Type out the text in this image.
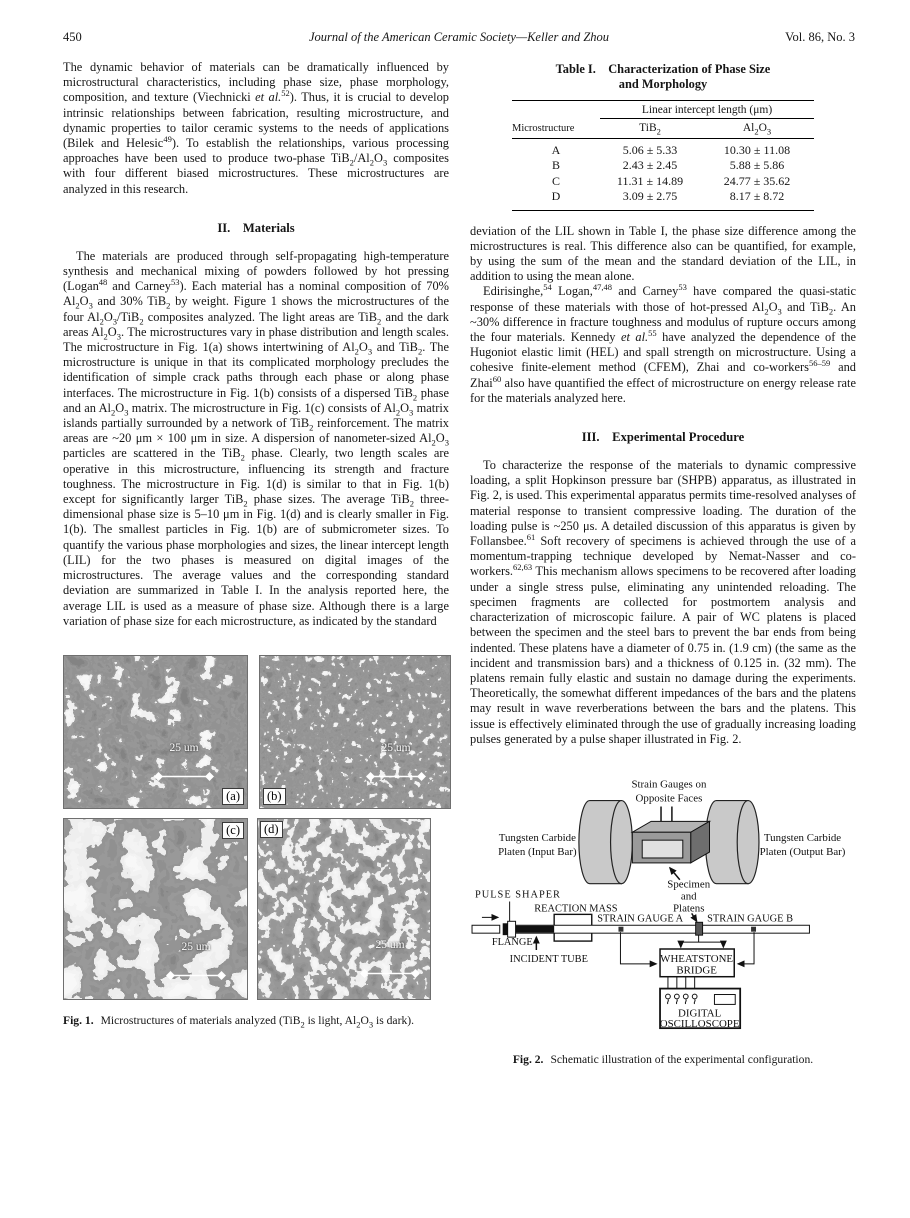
450	Journal of the American Ceramic Society—Keller and Zhou	Vol. 86, No. 3

The dynamic behavior of materials can be dramatically influenced by microstructural characteristics, including phase size, phase morphology, composition, and texture (Viechnicki et al.$^{52}$). Thus, it is crucial to develop intrinsic relationships between fabrication, resulting microstructure, and dynamic properties to tailor ceramic systems to the needs of applications (Bilek and Helesic$^{49}$). To establish the relationships, various processing approaches have been used to produce two-phase $TiB_2/Al_2O_3$ composites with four different biased microstructures. These microstructures are analyzed in this research.

II. Materials

The materials are produced through self-propagating high-temperature synthesis and mechanical mixing of powders followed by hot pressing (Logan$^{48}$ and Carney$^{53}$). Each material has a nominal composition of 70% $Al_2O_3$ and 30% TiB$_2$ by weight. Figure 1 shows the microstructures of the four $Al_2O_3/TiB_2$ composites analyzed. The light areas are TiB$_2$ and the dark areas $Al_2O_3$. The microstructures vary in phase distribution and length scales. The microstructure in Fig. 1(a) shows intertwining of $Al_2O_3$ and TiB$_2$. The microstructure is unique in that its complicated morphology precludes the identification of simple crack paths through each phase or along phase interfaces. The microstructure in Fig. 1(b) consists of a dispersed TiB$_2$ phase and an $Al_2O_3$ matrix. The microstructure in Fig. 1(c) consists of $Al_2O_3$ matrix islands partially surrounded by a network of TiB$_2$ reinforcement. The matrix areas are ~20 μm × 100 μm in size. A dispersion of nanometer-sized $Al_2O_3$ particles are scattered in the TiB$_2$ phase. Clearly, two length scales are operative in this microstructure, influencing its strength and fracture toughness. The microstructure in Fig. 1(d) is similar to that in Fig. 1(b) except for significantly larger TiB$_2$ phase sizes. The average TiB$_2$ three-dimensional phase size is 5–10 μm in Fig. 1(d) and is clearly smaller in Fig. 1(b). The smallest particles in Fig. 1(b) are of submicrometer sizes. To quantify the various phase morphologies and sizes, the linear intercept length (LIL) for the two phases is measured on digital images of the microstructures. The average values and the corresponding standard deviation are summarized in Table I. In the analysis reported here, the average LIL is used as a measure of phase size. Although there is a large variation of phase size for each microstructure, as indicated by the standard

25 um
(a)
25 um
(b)
25 um
(c)
25 um
(d)

Fig. 1. Microstructures of materials analyzed (TiB$_2$ is light, $Al_2O_3$ is dark).

Table I. Characterization of Phase Size
and Morphology
Linear intercept length (μm)
Microstructure	TiB$_2$	$Al_2O_3$
A	5.06 ± 5.33	10.30 ± 11.08
B	2.43 ± 2.45	5.88 ± 5.86
C	11.31 ± 14.89	24.77 ± 35.62
D	3.09 ± 2.75	8.17 ± 8.72

deviation of the LIL shown in Table I, the phase size difference among the microstructures is real. This difference also can be quantified, for example, by using the sum of the mean and the standard deviation of the LIL, in addition to using the mean alone.

Edirisinghe,$^{54}$ Logan,$^{47,48}$ and Carney$^{53}$ have compared the quasi-static response of these materials with those of hot-pressed $Al_2O_3$ and TiB$_2$. An ~30% difference in fracture toughness and modulus of rupture occurs among the four materials. Kennedy et al.$^{55}$ have analyzed the dependence of the Hugoniot elastic limit (HEL) and spall strength on microstructure. Using a cohesive finite-element method (CFEM), Zhai and co-workers$^{56-59}$ and Zhai$^{60}$ also have quantified the effect of microstructure on energy release rate for the materials analyzed here.

III. Experimental Procedure

To characterize the response of the materials to dynamic compressive loading, a split Hopkinson pressure bar (SHPB) apparatus, as illustrated in Fig. 2, is used. This experimental apparatus permits time-resolved analyses of material response to transient compressive loading. The duration of the loading pulse is ~250 μs. A detailed discussion of this apparatus is given by Follansbee.$^{61}$ Soft recovery of specimens is achieved through the use of a momentum-trapping technique developed by Nemat-Nasser and co-workers.$^{62,63}$ This mechanism allows specimens to be recovered after loading under a single stress pulse, eliminating any unintended reloading. The specimen fragments are collected for postmortem analysis and characterization of microscopic failure. A pair of WC platens is placed between the specimen and the steel bars to prevent the bar ends from being indented. These platens have a diameter of 0.75 in. (1.9 cm) (the same as the incident and transmission bars) and a thickness of 0.125 in. (32 mm). The platens remain fully elastic and sustain no damage during the experiments. Theoretically, the somewhat different impedances of the bars and the platens may result in wave reverberations between the bars and the platens. This issue is effectively eliminated through the use of gradually increasing loading pulses generated by a pulse shaper illustrated in Fig. 2.

Strain Gauges on
Opposite Faces
Tungsten Carbide
Platen (Input Bar)
Tungsten Carbide
Platen (Output Bar)
Specimen
and
Platens
PULSE SHAPER
REACTION MASS
STRAIN GAUGE A STRAIN GAUGE B
FLANGE
INCIDENT TUBE	WHEATSTONE
BRIDGE
DIGITAL
OSCILLOSCOPE

Fig. 2. Schematic illustration of the experimental configuration.
